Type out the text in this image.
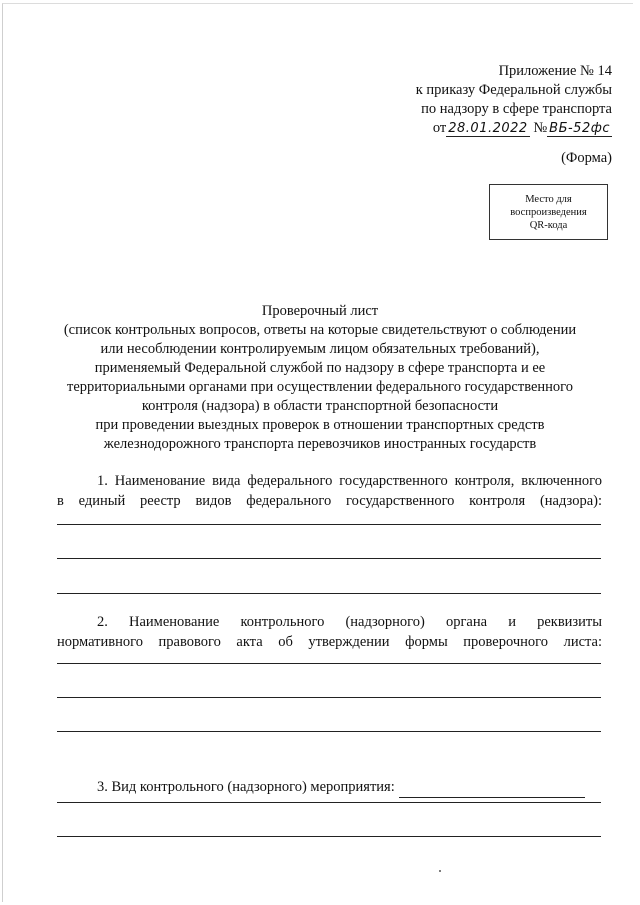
Приложение № 14
к приказу Федеральной службы
по надзору в сфере транспорта
от 28.01.2022 № ВБ-52фс
(Форма)
Место для
воспроизведения
QR-кода
Проверочный лист
(список контрольных вопросов, ответы на которые свидетельствуют о соблюдении
или несоблюдении контролируемым лицом обязательных требований),
применяемый Федеральной службой по надзору в сфере транспорта и ее
территориальными органами при осуществлении федерального государственного
контроля (надзора) в области транспортной безопасности
при проведении выездных проверок в отношении транспортных средств
железнодорожного транспорта перевозчиков иностранных государств
1. Наименование вида федерального государственного контроля, включенного
в единый реестр видов федерального государственного контроля (надзора):
2. Наименование контрольного (надзорного) органа и реквизиты
нормативного правового акта об утверждении формы проверочного листа:
3. Вид контрольного (надзорного) мероприятия:
